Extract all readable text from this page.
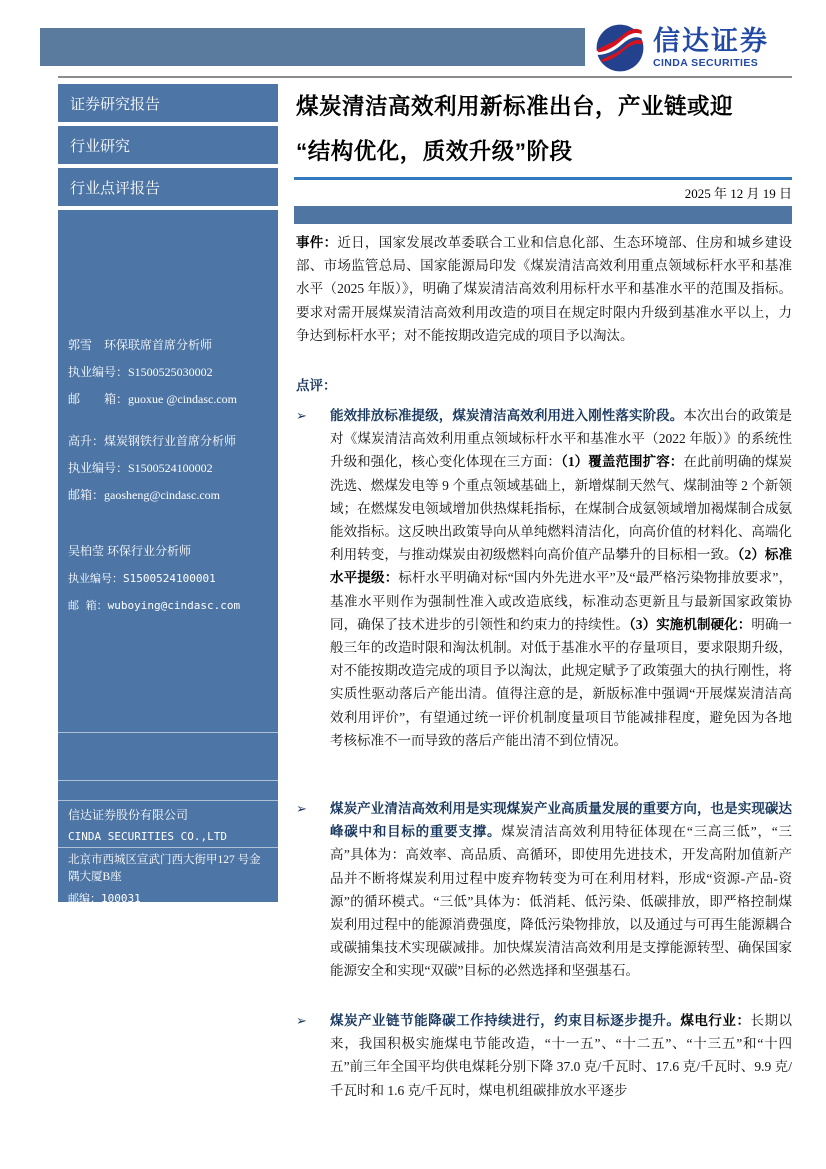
信达证券
CINDA SECURITIES
证券研究报告
行业研究
行业点评报告
郭雪　环保联席首席分析师
执业编号：S1500525030002
邮　　箱：guoxue @cindasc.com
高升：煤炭钢铁行业首席分析师
执业编号：S1500524100002
邮箱：gaosheng@cindasc.com
吴柏莹 环保行业分析师
执业编号：S1500524100001
邮 箱：wuboying@cindasc.com
信达证券股份有限公司
CINDA SECURITIES CO.,LTD
北京市西城区宣武门西大街甲127 号金隅大厦B座
邮编：100031
煤炭清洁高效利用新标准出台，产业链或迎
“结构优化，质效升级”阶段
2025 年 12 月 19 日

事件：近日，国家发展改革委联合工业和信息化部、生态环境部、住房和城乡建设部、市场监管总局、国家能源局印发《煤炭清洁高效利用重点领域标杆水平和基准水平（2025 年版）》，明确了煤炭清洁高效利用标杆水平和基准水平的范围及指标。要求对需开展煤炭清洁高效利用改造的项目在规定时限内升级到基准水平以上，力争达到标杆水平；对不能按期改造完成的项目予以淘汰。

点评：

➢	能效排放标准提级，煤炭清洁高效利用进入刚性落实阶段。本次出台的政策是对《煤炭清洁高效利用重点领域标杆水平和基准水平（2022 年版）》的系统性升级和强化，核心变化体现在三方面：（1）覆盖范围扩容：在此前明确的煤炭洗选、燃煤发电等 9 个重点领域基础上，新增煤制天然气、煤制油等 2 个新领域；在燃煤发电领域增加供热煤耗指标，在煤制合成氨领域增加褐煤制合成氨能效指标。这反映出政策导向从单纯燃料清洁化，向高价值的材料化、高端化利用转变，与推动煤炭由初级燃料向高价值产品攀升的目标相一致。（2）标准水平提级：标杆水平明确对标“国内外先进水平”及“最严格污染物排放要求”，基准水平则作为强制性准入或改造底线，标准动态更新且与最新国家政策协同，确保了技术进步的引领性和约束力的持续性。（3）实施机制硬化：明确一般三年的改造时限和淘汰机制。对低于基准水平的存量项目，要求限期升级，对不能按期改造完成的项目予以淘汰，此规定赋予了政策强大的执行刚性，将实质性驱动落后产能出清。值得注意的是，新版标准中强调“开展煤炭清洁高效利用评价”，有望通过统一评价机制度量项目节能减排程度，避免因为各地考核标准不一而导致的落后产能出清不到位情况。
➢	煤炭产业清洁高效利用是实现煤炭产业高质量发展的重要方向，也是实现碳达峰碳中和目标的重要支撑。煤炭清洁高效利用特征体现在“三高三低”，“三高”具体为：高效率、高品质、高循环，即使用先进技术，开发高附加值新产品并不断将煤炭利用过程中废弃物转变为可在利用材料，形成“资源-产品-资源”的循环模式。“三低”具体为：低消耗、低污染、低碳排放，即严格控制煤炭利用过程中的能源消费强度，降低污染物排放，以及通过与可再生能源耦合或碳捕集技术实现碳减排。加快煤炭清洁高效利用是支撑能源转型、确保国家能源安全和实现“双碳”目标的必然选择和坚强基石。
➢	煤炭产业链节能降碳工作持续进行，约束目标逐步提升。煤电行业：长期以来，我国积极实施煤电节能改造，“十一五”、“十二五”、“十三五”和“十四五”前三年全国平均供电煤耗分别下降 37.0 克/千瓦时、17.6 克/千瓦时、9.9 克/千瓦时和 1.6 克/千瓦时，煤电机组碳排放水平逐步
